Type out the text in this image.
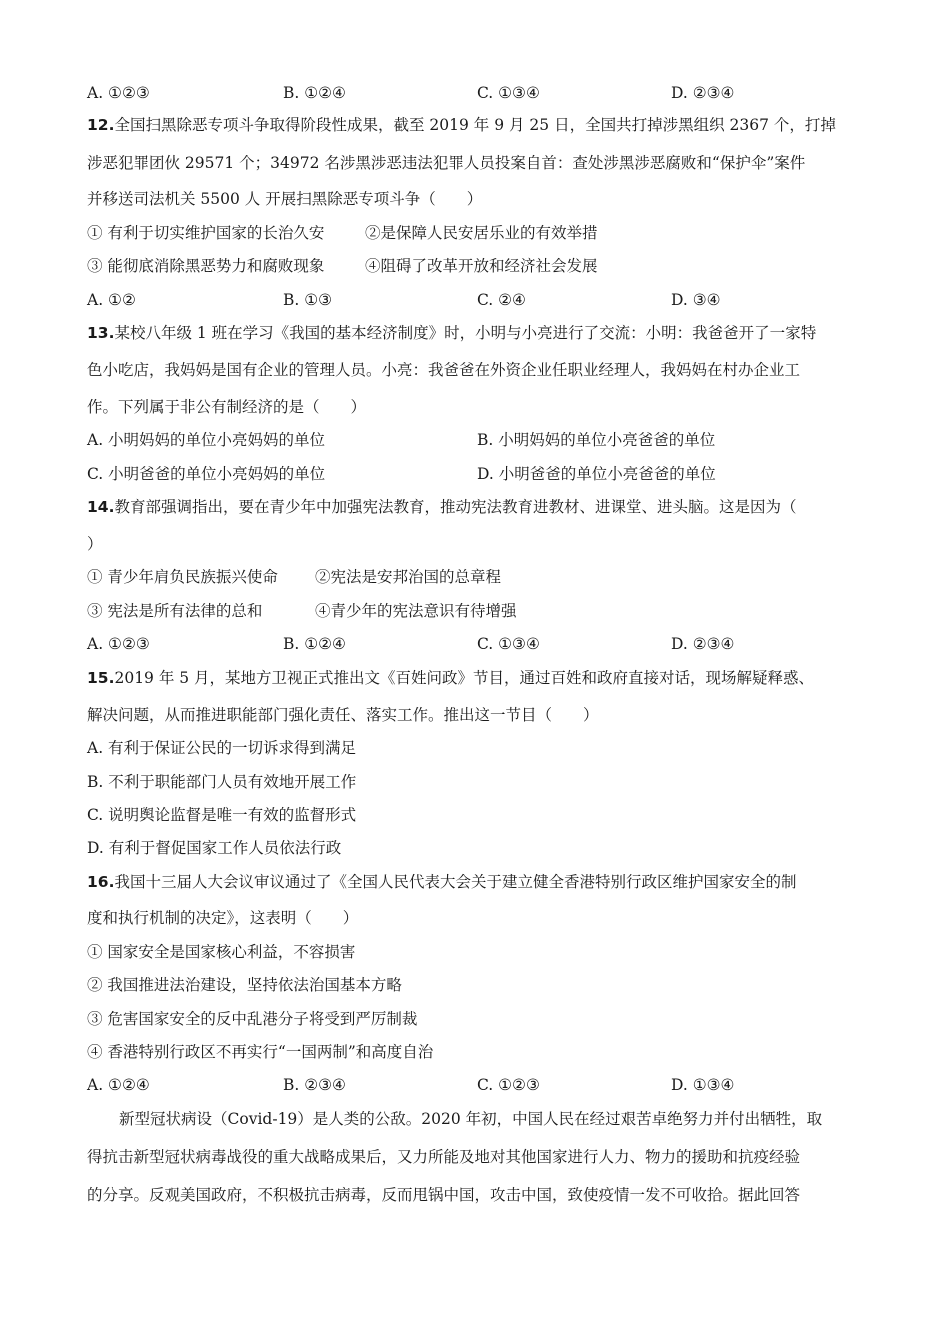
A. ①②③	B. ①②④	C. ①③④	D. ②③④
12.全国扫黑除恶专项斗争取得阶段性成果，截至 2019 年 9 月 25 日，全国共打掉涉黑组织 2367 个，打掉
涉恶犯罪团伙 29571 个；34972 名涉黑涉恶违法犯罪人员投案自首：查处涉黑涉恶腐败和“保护伞”案件
并移送司法机关 5500 人 开展扫黑除恶专项斗争（　　）
① 有利于切实维护国家的长治久安	②是保障人民安居乐业的有效举措
③ 能彻底消除黑恶势力和腐败现象	④阻碍了改革开放和经济社会发展
A. ①②	B. ①③	C. ②④	D. ③④
13.某校八年级 1 班在学习《我国的基本经济制度》时，小明与小亮进行了交流：小明：我爸爸开了一家特
色小吃店，我妈妈是国有企业的管理人员。小亮：我爸爸在外资企业任职业经理人，我妈妈在村办企业工
作。下列属于非公有制经济的是（　　）
A. 小明妈妈的单位小亮妈妈的单位	B. 小明妈妈的单位小亮爸爸的单位
C. 小明爸爸的单位小亮妈妈的单位	D. 小明爸爸的单位小亮爸爸的单位
14.教育部强调指出，要在青少年中加强宪法教育，推动宪法教育进教材、进课堂、进头脑。这是因为（
）
① 青少年肩负民族振兴使命 ②宪法是安邦治国的总章程
③ 宪法是所有法律的总和	④青少年的宪法意识有待增强
A. ①②③	B. ①②④	C. ①③④	D. ②③④
15.2019 年 5 月，某地方卫视正式推出文《百姓问政》节目，通过百姓和政府直接对话，现场解疑释惑、
解决问题，从而推进职能部门强化责任、落实工作。推出这一节目（　　）
A. 有利于保证公民的一切诉求得到满足
B. 不利于职能部门人员有效地开展工作
C. 说明舆论监督是唯一有效的监督形式
D. 有利于督促国家工作人员依法行政
16.我国十三届人大会议审议通过了《全国人民代表大会关于建立健全香港特别行政区维护国家安全的制
度和执行机制的决定》，这表明（　　）
① 国家安全是国家核心利益，不容损害
② 我国推进法治建设，坚持依法治国基本方略
③ 危害国家安全的反中乱港分子将受到严厉制裁
④ 香港特别行政区不再实行“一国两制”和高度自治
A. ①②④	B. ②③④	C. ①②③	D. ①③④
新型冠状病设（Covid-19）是人类的公敌。2020 年初，中国人民在经过艰苦卓绝努力并付出牺牲，取
得抗击新型冠状病毒战役的重大战略成果后，又力所能及地对其他国家进行人力、物力的援助和抗疫经验
的分享。反观美国政府，不积极抗击病毒，反而甩锅中国，攻击中国，致使疫情一发不可收拾。据此回答
